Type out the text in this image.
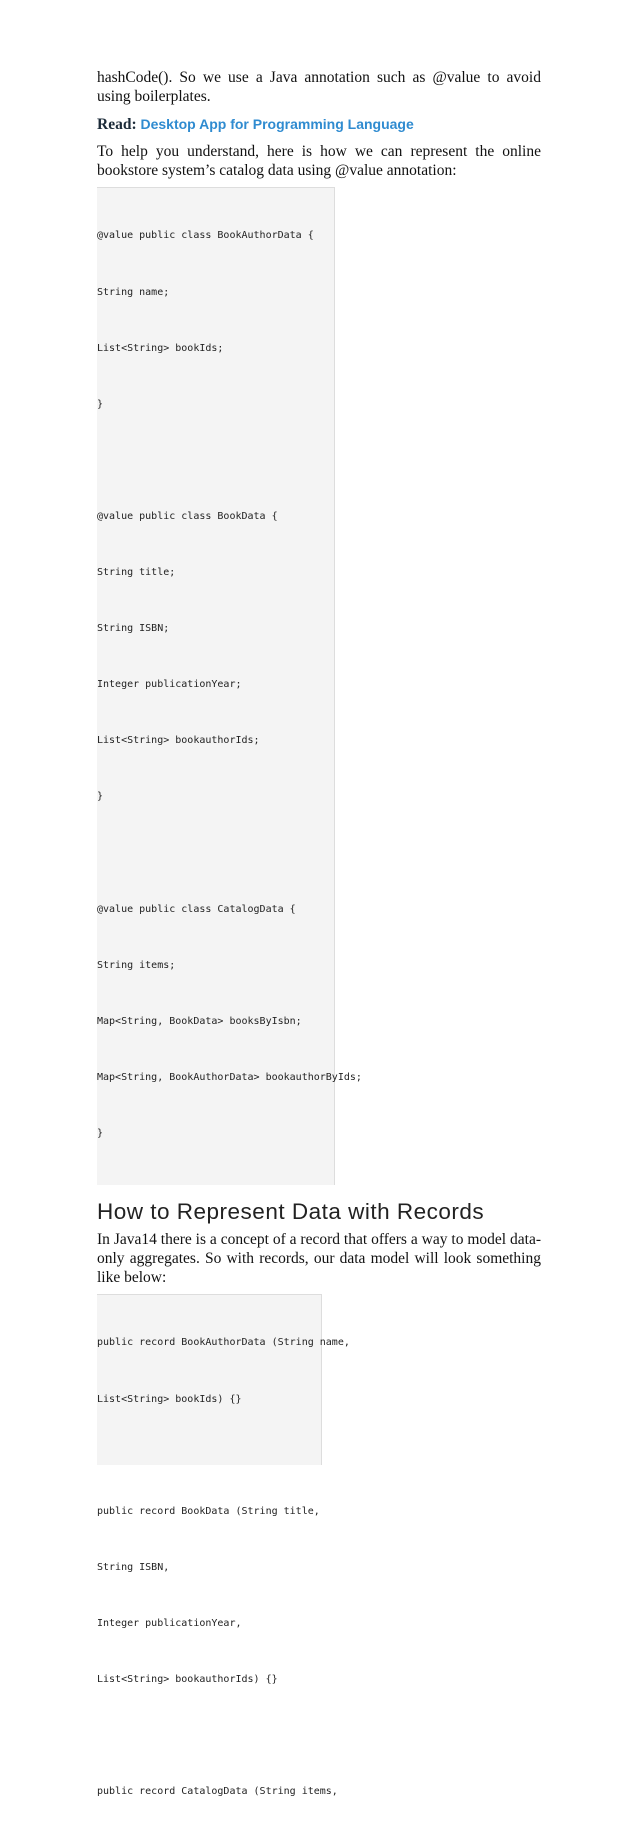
hashCode(). So we use a Java annotation such as @value to avoid using boilerplates.

Read: Desktop App for Programming Language

To help you understand, here is how we can represent the online bookstore system’s catalog data using @value annotation:

@value public class BookAuthorData {

String name;

List<String> bookIds;

}

@value public class BookData {

String title;

String ISBN;

Integer publicationYear;

List<String> bookauthorIds;

}

@value public class CatalogData {

String items;

Map<String, BookData> booksByIsbn;

Map<String, BookAuthorData> bookauthorByIds;

}

How to Represent Data with Records

In Java14 there is a concept of a record that offers a way to model data-only aggregates. So with records, our data model will look something like below:

public record BookAuthorData (String name,

List<String> bookIds) {}

public record BookData (String title,

String ISBN,

Integer publicationYear,

List<String> bookauthorIds) {}

public record CatalogData (String items,
